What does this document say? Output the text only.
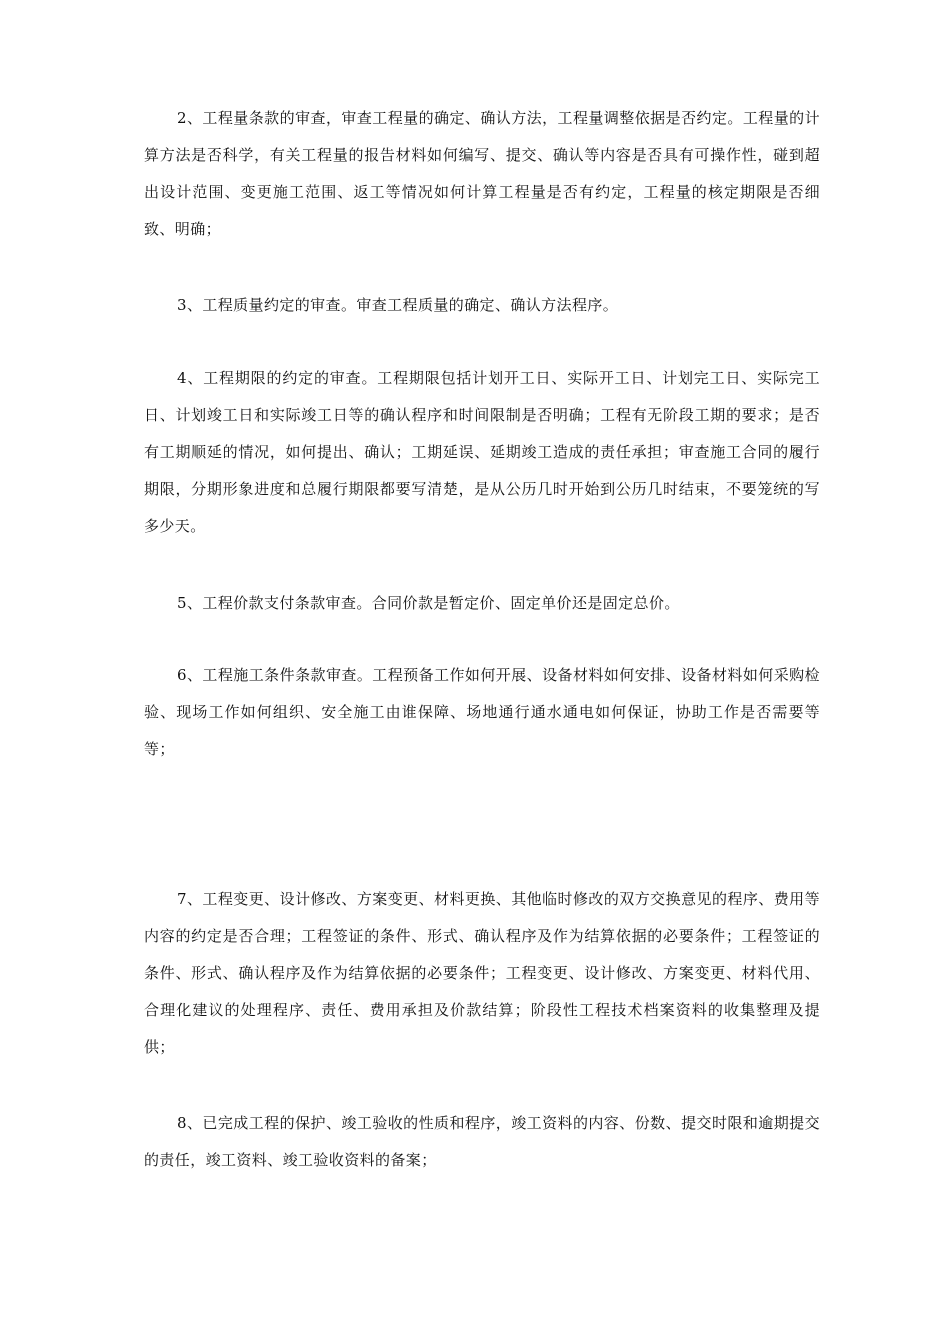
2、工程量条款的审查，审查工程量的确定、确认方法，工程量调整依据是否约定。工程量的计算方法是否科学，有关工程量的报告材料如何编写、提交、确认等内容是否具有可操作性，碰到超出设计范围、变更施工范围、返工等情况如何计算工程量是否有约定，工程量的核定期限是否细致、明确；

3、工程质量约定的审查。审查工程质量的确定、确认方法程序。

4、工程期限的约定的审查。工程期限包括计划开工日、实际开工日、计划完工日、实际完工日、计划竣工日和实际竣工日等的确认程序和时间限制是否明确；工程有无阶段工期的要求；是否有工期顺延的情况，如何提出、确认；工期延误、延期竣工造成的责任承担；审查施工合同的履行期限，分期形象进度和总履行期限都要写清楚，是从公历几时开始到公历几时结束，不要笼统的写多少天。

5、工程价款支付条款审查。合同价款是暂定价、固定单价还是固定总价。

6、工程施工条件条款审查。工程预备工作如何开展、设备材料如何安排、设备材料如何采购检验、现场工作如何组织、安全施工由谁保障、场地通行通水通电如何保证，协助工作是否需要等等；

7、工程变更、设计修改、方案变更、材料更换、其他临时修改的双方交换意见的程序、费用等内容的约定是否合理；工程签证的条件、形式、确认程序及作为结算依据的必要条件；工程签证的条件、形式、确认程序及作为结算依据的必要条件；工程变更、设计修改、方案变更、材料代用、合理化建议的处理程序、责任、费用承担及价款结算；阶段性工程技术档案资料的收集整理及提供；

8、已完成工程的保护、竣工验收的性质和程序，竣工资料的内容、份数、提交时限和逾期提交的责任，竣工资料、竣工验收资料的备案；
